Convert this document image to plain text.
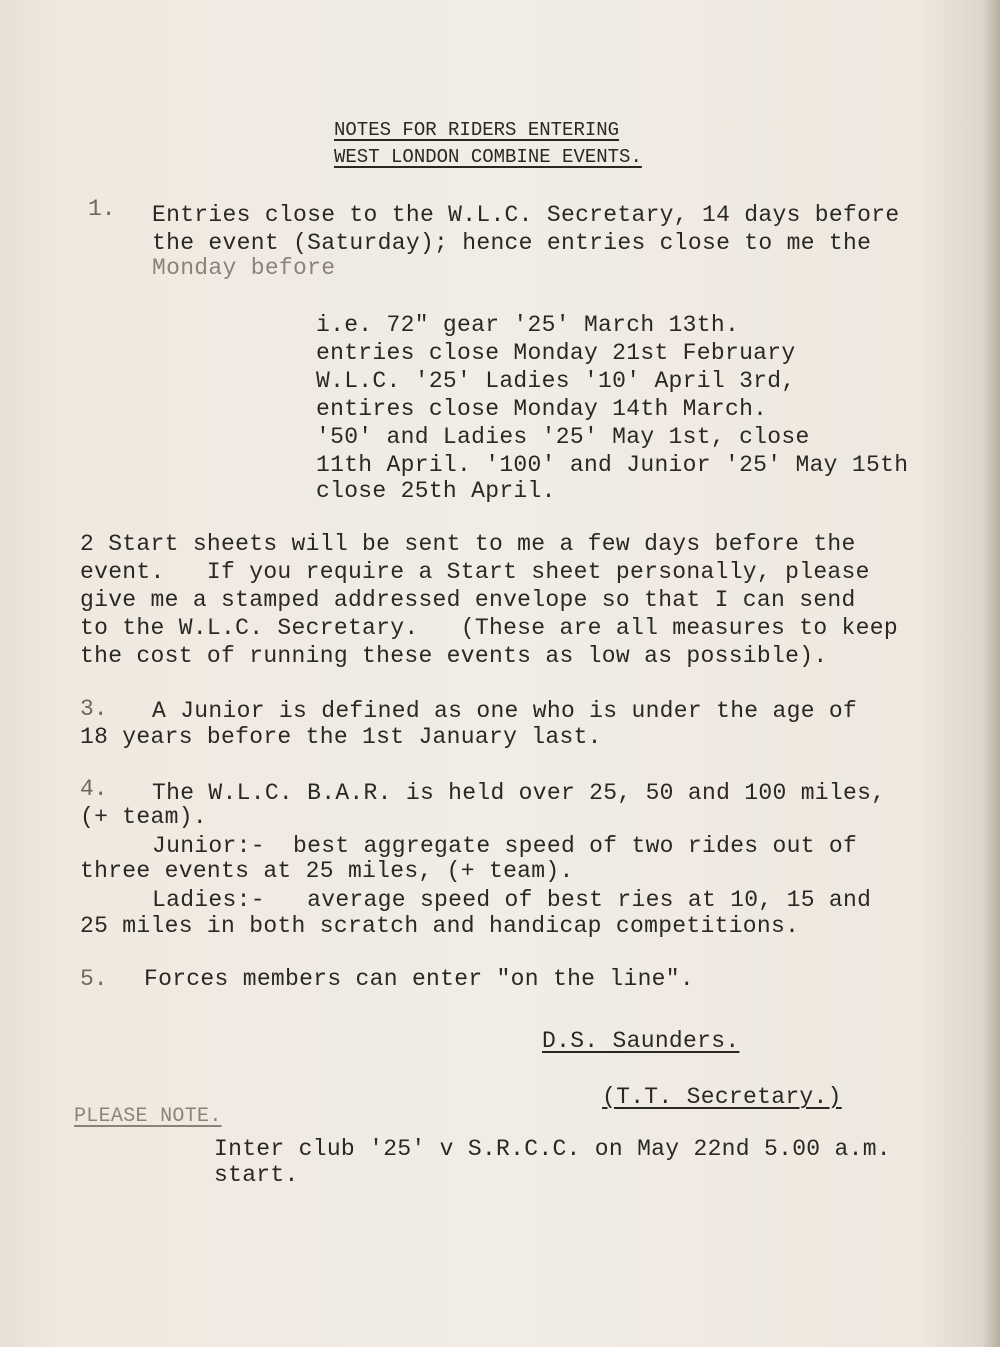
NOTES FOR RIDERS ENTERING
WEST LONDON COMBINE EVENTS.
1. Entries close to the W.L.C. Secretary, 14 days before
the event (Saturday); hence entries close to me the
Monday before
i.e. 72" gear '25' March 13th.
entries close Monday 21st February
W.L.C. '25' Ladies '10' April 3rd,
entires close Monday 14th March.
'50' and Ladies '25' May 1st, close
11th April. '100' and Junior '25' May 15th
close 25th April.
2 Start sheets will be sent to me a few days before the
event.   If you require a Start sheet personally, please
give me a stamped addressed envelope so that I can send
to the W.L.C. Secretary.   (These are all measures to keep
the cost of running these events as low as possible).
3. A Junior is defined as one who is under the age of
18 years before the 1st January last.
4. The W.L.C. B.A.R. is held over 25, 50 and 100 miles,
(+ team).
Junior:-  best aggregate speed of two rides out of
three events at 25 miles, (+ team).
Ladies:-   average speed of best ries at 10, 15 and
25 miles in both scratch and handicap competitions.
5. Forces members can enter "on the line".
D.S. Saunders.
(T.T. Secretary.)
PLEASE NOTE.
Inter club '25' v S.R.C.C. on May 22nd 5.00 a.m.
start.
